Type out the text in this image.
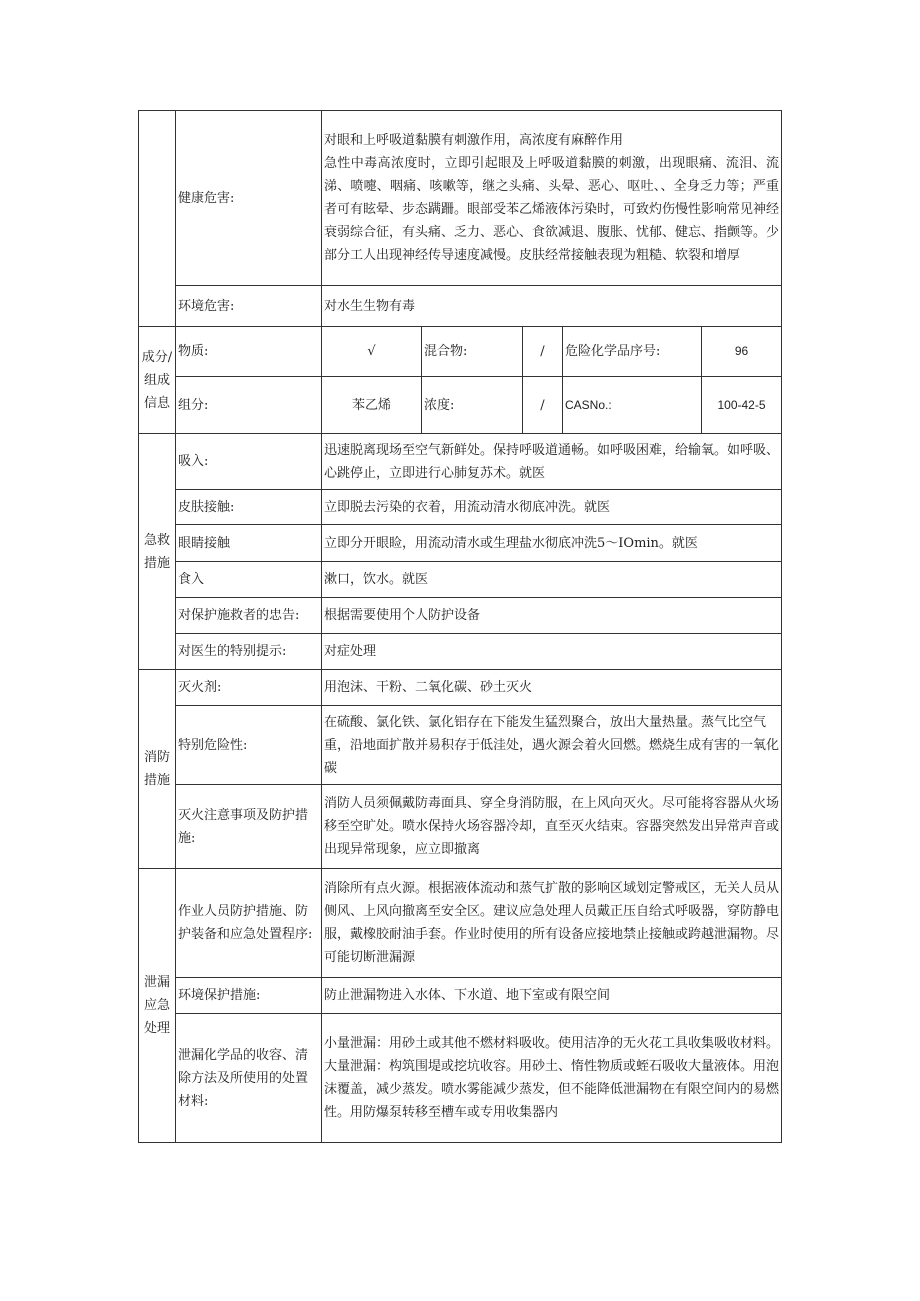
	健康危害:	对眼和上呼吸道黏膜有刺激作用，高浓度有麻醉作用
急性中毒高浓度时，立即引起眼及上呼吸道黏膜的刺激，出现眼痛、流泪、流涕、喷嚏、咽痛、咳嗽等，继之头痛、头晕、恶心、呕吐、、全身乏力等；严重者可有眩晕、步态蹒跚。眼部受苯乙烯液体污染时，可致灼伤慢性影响常见神经衰弱综合征，有头痛、乏力、恶心、食欲减退、腹胀、忧郁、健忘、指颤等。少部分工人出现神经传导速度减慢。皮肤经常接触表现为粗糙、软裂和增厚				

	环境危害:	对水生生物有毒				
成分/组成信息	物质:	√	混合物:	/	危险化学品序号:	96
	组分:	苯乙烯	浓度:	/	CASNo.:	100-42-5
急救措施	吸入:	迅速脱离现场至空气新鲜处。保持呼吸道通畅。如呼吸困难，给输氧。如呼吸、心跳停止，立即进行心肺复苏术。就医				
	皮肤接触:	立即脱去污染的衣着，用流动清水彻底冲洗。就医				
	眼睛接触	立即分开眼睑，用流动清水或生理盐水彻底冲洗5～IOmin。就医				
	食入	漱口，饮水。就医				
	对保护施救者的忠告:	根据需要使用个人防护设备				
	对医生的特别提示:	对症处理				
消防措施	灭火剂:	用泡沫、干粉、二氧化碳、砂土灭火				
	特别危险性:	在硫酸、氯化铁、氯化铝存在下能发生猛烈聚合，放出大量热量。蒸气比空气重，沿地面扩散并易积存于低洼处，遇火源会着火回燃。燃烧生成有害的一氧化碳				
	灭火注意事项及防护措施:	消防人员须佩戴防毒面具、穿全身消防服，在上风向灭火。尽可能将容器从火场移至空旷处。喷水保持火场容器冷却，直至灭火结束。容器突然发出异常声音或出现异常现象，应立即撤离				
泄漏应急处理	作业人员防护措施、防护装备和应急处置程序:	消除所有点火源。根据液体流动和蒸气扩散的影响区域划定警戒区，无关人员从侧风、上风向撤离至安全区。建议应急处理人员戴正压自给式呼吸器，穿防静电服，戴橡胶耐油手套。作业时使用的所有设备应接地禁止接触或跨越泄漏物。尽可能切断泄漏源				
	环境保护措施:	防止泄漏物进入水体、下水道、地下室或有限空间				
	泄漏化学品的收容、清除方法及所使用的处置材料:	小量泄漏：用砂土或其他不燃材料吸收。使用洁净的无火花工具收集吸收材料。大量泄漏：构筑围堤或挖坑收容。用砂土、惰性物质或蛭石吸收大量液体。用泡沫覆盖，减少蒸发。喷水雾能减少蒸发，但不能降低泄漏物在有限空间内的易燃性。用防爆泵转移至槽车或专用收集器内				
